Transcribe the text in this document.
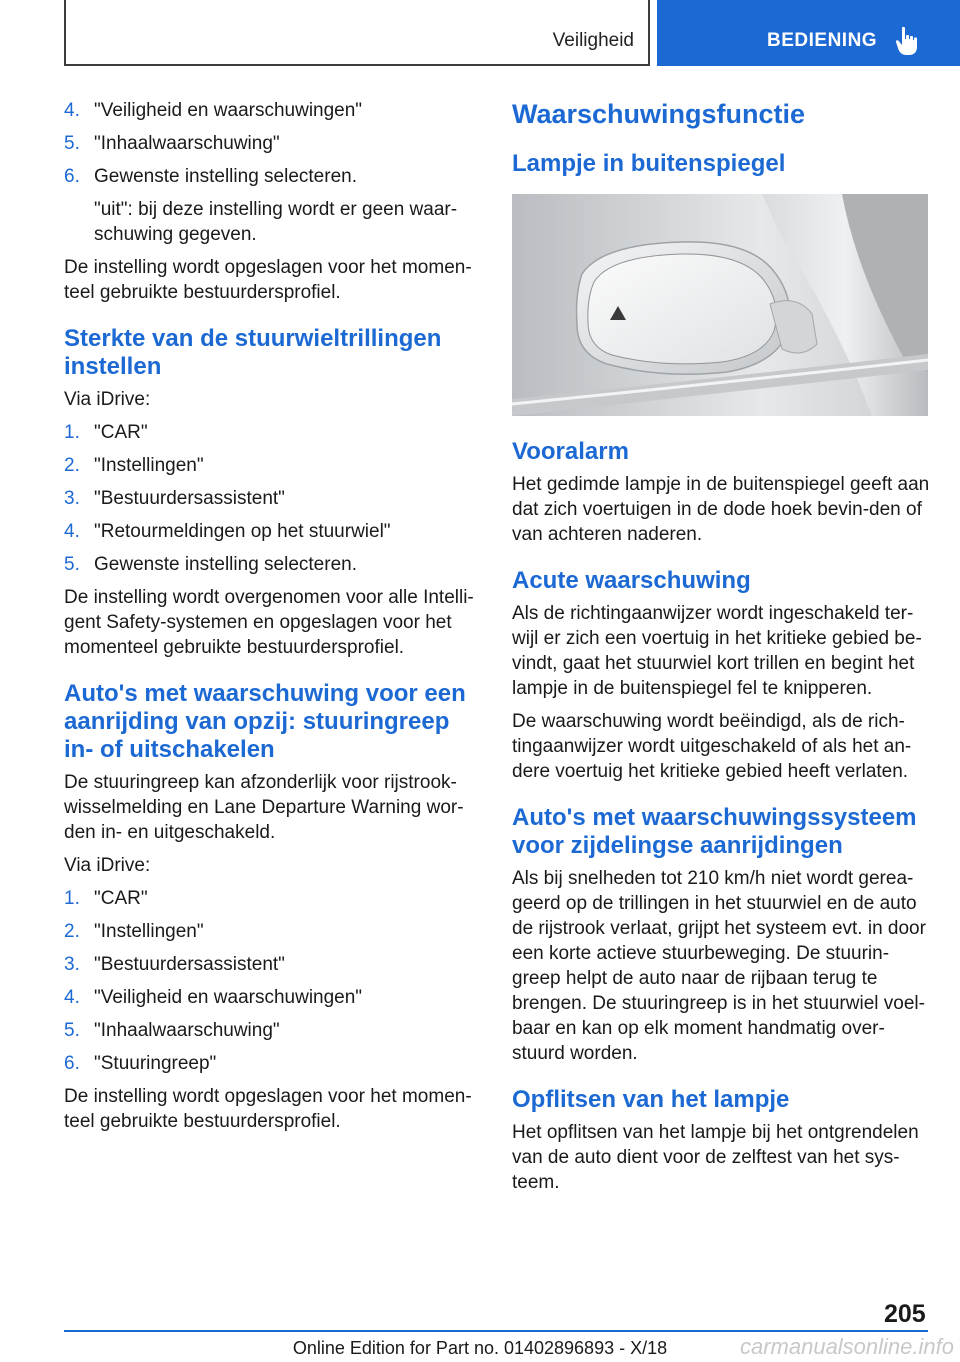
Veiligheid	BEDIENING
4. "Veiligheid en waarschuwingen"
5. "Inhaalwaarschuwing"
6. Gewenste instelling selecteren.
"uit": bij deze instelling wordt er geen waar-schuwing gegeven.

De instelling wordt opgeslagen voor het momen-teel gebruikte bestuurdersprofiel.

Sterkte van de stuurwieltrillingen instellen

Via iDrive:

1. "CAR"
2. "Instellingen"
3. "Bestuurdersassistent"
4. "Retourmeldingen op het stuurwiel"
5. Gewenste instelling selecteren.

De instelling wordt overgenomen voor alle Intelli-gent Safety-systemen en opgeslagen voor het momenteel gebruikte bestuurdersprofiel.

Auto's met waarschuwing voor een aanrijding van opzij: stuuringreep in- of uitschakelen

De stuuringreep kan afzonderlijk voor rijstrook-wisselmelding en Lane Departure Warning wor-den in- en uitgeschakeld.

Via iDrive:

1. "CAR"
2. "Instellingen"
3. "Bestuurdersassistent"
4. "Veiligheid en waarschuwingen"
5. "Inhaalwaarschuwing"
6. "Stuuringreep"

De instelling wordt opgeslagen voor het momen-teel gebruikte bestuurdersprofiel.

Waarschuwingsfunctie
Lampje in buitenspiegel
Vooralarm

Het gedimde lampje in de buitenspiegel geeft aan dat zich voertuigen in de dode hoek bevin-den of van achteren naderen.

Acute waarschuwing

Als de richtingaanwijzer wordt ingeschakeld ter-wijl er zich een voertuig in het kritieke gebied be-vindt, gaat het stuurwiel kort trillen en begint het lampje in de buitenspiegel fel te knipperen.

De waarschuwing wordt beëindigd, als de rich-tingaanwijzer wordt uitgeschakeld of als het an-dere voertuig het kritieke gebied heeft verlaten.

Auto's met waarschuwingssysteem voor zijdelingse aanrijdingen

Als bij snelheden tot 210 km/h niet wordt gerea-geerd op de trillingen in het stuurwiel en de auto de rijstrook verlaat, grijpt het systeem evt. in door een korte actieve stuurbeweging. De stuurin-greep helpt de auto naar de rijbaan terug te brengen. De stuuringreep is in het stuurwiel voel-baar en kan op elk moment handmatig over-stuurd worden.

Opflitsen van het lampje

Het opflitsen van het lampje bij het ontgrendelen van de auto dient voor de zelftest van het sys-teem.

205
Online Edition for Part no. 01402896893 - X/18	carmanualsonline.info
